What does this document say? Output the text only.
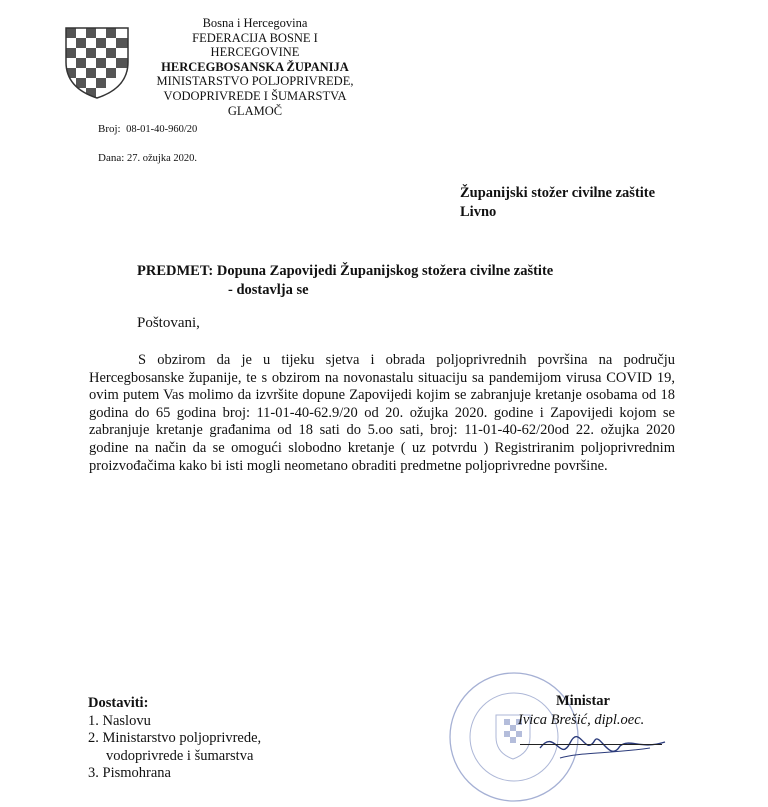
Bosna i Hercegovina
FEDERACIJA BOSNE I HERCEGOVINE
HERCEGBOSANSKA ŽUPANIJA
MINISTARSTVO POLJOPRIVREDE,
VODOPRIVREDE I ŠUMARSTVA
GLAMOČ
Broj: 08-01-40-960/20
Dana: 27. ožujka 2020.
Županijski stožer civilne zaštite
Livno
PREDMET: Dopuna Zapovijedi Županijskog stožera civilne zaštite
- dostavlja se
Poštovani,
S obzirom da je u tijeku sjetva i obrada poljoprivrednih površina na području Hercegbosanske županije, te s obzirom na novonastalu situaciju sa pandemijom virusa COVID 19, ovim putem Vas molimo da izvršite dopune Zapovijedi kojim se zabranjuje kretanje osobama od 18 godina do 65 godina broj: 11-01-40-62.9/20 od 20. ožujka 2020. godine i Zapovijedi kojom se zabranjuje kretanje građanima od 18 sati do 5.oo sati, broj: 11-01-40-62/20od 22. ožujka 2020 godine na način da se omogući slobodno kretanje ( uz potvrdu ) Registriranim poljoprivrednim proizvođačima kako bi isti mogli neometano obraditi predmetne poljoprivredne površine.
Dostaviti:
1. Naslovu
2. Ministarstvo poljoprivrede,
vodoprivrede i šumarstva
3. Pismohrana
Ministar
Ivica Brešić, dipl.oec.
